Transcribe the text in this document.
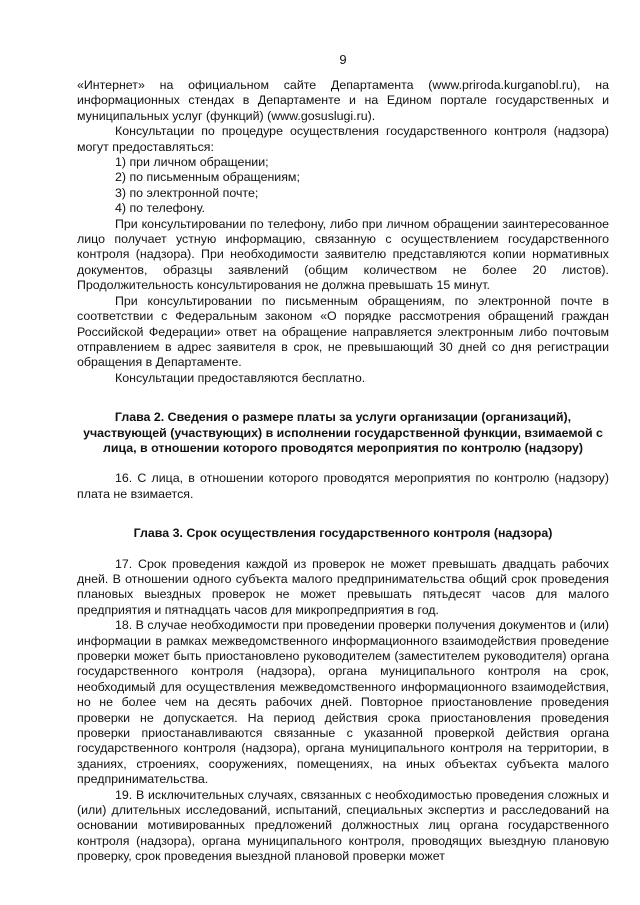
9

«Интернет» на официальном сайте Департамента (www.priroda.kurganobl.ru), на информационных стендах в Департаменте и на Едином портале государственных и муниципальных услуг (функций) (www.gosuslugi.ru).

Консультации по процедуре осуществления государственного контроля (надзора) могут предоставляться:

1) при личном обращении;

2) по письменным обращениям;

3) по электронной почте;

4) по телефону.

При консультировании по телефону, либо при личном обращении заинтересованное лицо получает устную информацию, связанную с осуществлением государственного контроля (надзора). При необходимости заявителю представляются копии нормативных документов, образцы заявлений (общим количеством не более 20 листов). Продолжительность консультирования не должна превышать 15 минут.

При консультировании по письменным обращениям, по электронной почте в соответствии с Федеральным законом «О порядке рассмотрения обращений граждан Российской Федерации» ответ на обращение направляется электронным либо почтовым отправлением в адрес заявителя в срок, не превышающий 30 дней со дня регистрации обращения в Департаменте.

Консультации предоставляются бесплатно.

Глава 2. Сведения о размере платы за услуги организации (организаций), участвующей (участвующих) в исполнении государственной функции, взимаемой с лица, в отношении которого проводятся мероприятия по контролю (надзору)

16. С лица, в отношении которого проводятся мероприятия по контролю (надзору) плата не взимается.

Глава 3. Срок осуществления государственного контроля (надзора)

17. Срок проведения каждой из проверок не может превышать двадцать рабочих дней. В отношении одного субъекта малого предпринимательства общий срок проведения плановых выездных проверок не может превышать пятьдесят часов для малого предприятия и пятнадцать часов для микропредприятия в год.

18. В случае необходимости при проведении проверки получения документов и (или) информации в рамках межведомственного информационного взаимодействия проведение проверки может быть приостановлено руководителем (заместителем руководителя) органа государственного контроля (надзора), органа муниципального контроля на срок, необходимый для осуществления межведомственного информационного взаимодействия, но не более чем на десять рабочих дней. Повторное приостановление проведения проверки не допускается. На период действия срока приостановления проведения проверки приостанавливаются связанные с указанной проверкой действия органа государственного контроля (надзора), органа муниципального контроля на территории, в зданиях, строениях, сооружениях, помещениях, на иных объектах субъекта малого предпринимательства.

19. В исключительных случаях, связанных с необходимостью проведения сложных и (или) длительных исследований, испытаний, специальных экспертиз и расследований на основании мотивированных предложений должностных лиц органа государственного контроля (надзора), органа муниципального контроля, проводящих выездную плановую проверку, срок проведения выездной плановой проверки может
